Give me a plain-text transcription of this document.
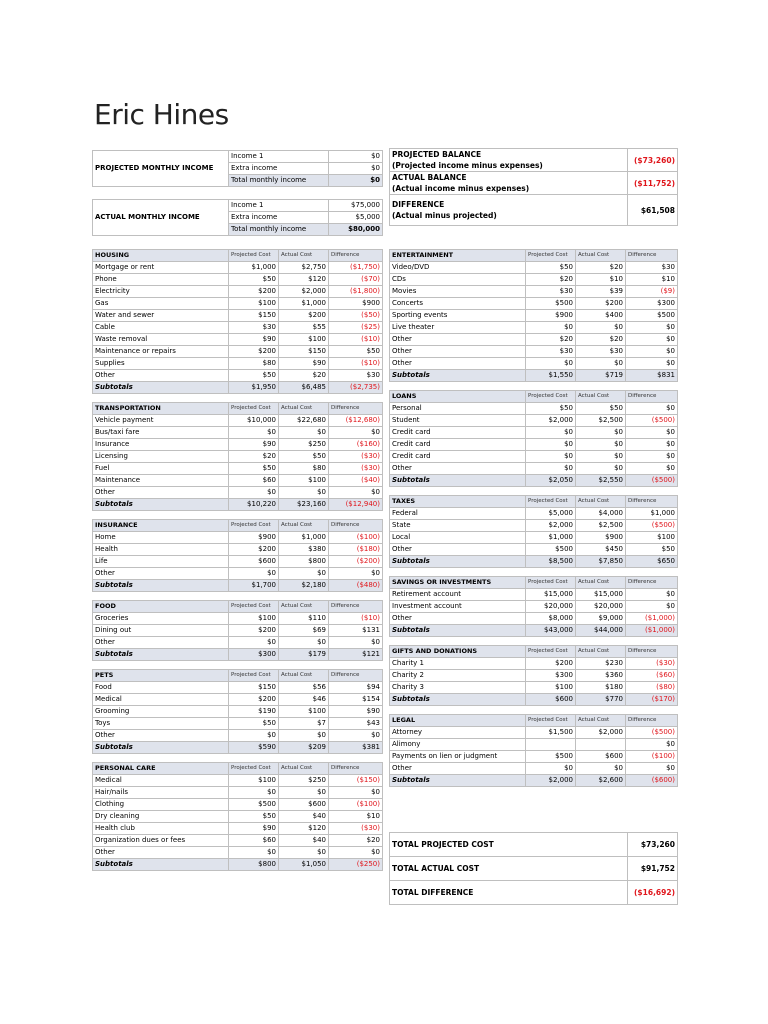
Eric Hines
PROJECTED MONTHLY INCOME	Income 1	$0
	Extra income	$0
	Total monthly income	$0
ACTUAL MONTHLY INCOME	Income 1	$75,000
	Extra income	$5,000
	Total monthly income	$80,000
PROJECTED BALANCE
(Projected income minus expenses)	($73,260)

ACTUAL BALANCE
(Actual income minus expenses)	($11,752)

DIFFERENCE
(Actual minus projected)	$61,508
HOUSING	Projected Cost	Actual Cost	Difference
Mortgage or rent	$1,000	$2,750	($1,750)
Phone	$50	$120	($70)
Electricity	$200	$2,000	($1,800)
Gas	$100	$1,000	$900
Water and sewer	$150	$200	($50)
Cable	$30	$55	($25)
Waste removal	$90	$100	($10)
Maintenance or repairs	$200	$150	$50
Supplies	$80	$90	($10)
Other	$50	$20	$30
Subtotals	$1,950	$6,485	($2,735)
TRANSPORTATION	Projected Cost	Actual Cost	Difference
Vehicle payment	$10,000	$22,680	($12,680)
Bus/taxi fare	$0	$0	$0
Insurance	$90	$250	($160)
Licensing	$20	$50	($30)
Fuel	$50	$80	($30)
Maintenance	$60	$100	($40)
Other	$0	$0	$0
Subtotals	$10,220	$23,160	($12,940)
INSURANCE	Projected Cost	Actual Cost	Difference
Home	$900	$1,000	($100)
Health	$200	$380	($180)
Life	$600	$800	($200)
Other	$0	$0	$0
Subtotals	$1,700	$2,180	($480)
FOOD	Projected Cost	Actual Cost	Difference
Groceries	$100	$110	($10)
Dining out	$200	$69	$131
Other	$0	$0	$0
Subtotals	$300	$179	$121
PETS	Projected Cost	Actual Cost	Difference
Food	$150	$56	$94
Medical	$200	$46	$154
Grooming	$190	$100	$90
Toys	$50	$7	$43
Other	$0	$0	$0
Subtotals	$590	$209	$381
PERSONAL CARE	Projected Cost	Actual Cost	Difference
Medical	$100	$250	($150)
Hair/nails	$0	$0	$0
Clothing	$500	$600	($100)
Dry cleaning	$50	$40	$10
Health club	$90	$120	($30)
Organization dues or fees	$60	$40	$20
Other	$0	$0	$0
Subtotals	$800	$1,050	($250)
ENTERTAINMENT	Projected Cost	Actual Cost	Difference
Video/DVD	$50	$20	$30
CDs	$20	$10	$10
Movies	$30	$39	($9)
Concerts	$500	$200	$300
Sporting events	$900	$400	$500
Live theater	$0	$0	$0
Other	$20	$20	$0
Other	$30	$30	$0
Other	$0	$0	$0
Subtotals	$1,550	$719	$831
LOANS	Projected Cost	Actual Cost	Difference
Personal	$50	$50	$0
Student	$2,000	$2,500	($500)
Credit card	$0	$0	$0
Credit card	$0	$0	$0
Credit card	$0	$0	$0
Other	$0	$0	$0
Subtotals	$2,050	$2,550	($500)
TAXES	Projected Cost	Actual Cost	Difference
Federal	$5,000	$4,000	$1,000
State	$2,000	$2,500	($500)
Local	$1,000	$900	$100
Other	$500	$450	$50
Subtotals	$8,500	$7,850	$650
SAVINGS OR INVESTMENTS	Projected Cost	Actual Cost	Difference
Retirement account	$15,000	$15,000	$0
Investment account	$20,000	$20,000	$0
Other	$8,000	$9,000	($1,000)
Subtotals	$43,000	$44,000	($1,000)
GIFTS AND DONATIONS	Projected Cost	Actual Cost	Difference
Charity 1	$200	$230	($30)
Charity 2	$300	$360	($60)
Charity 3	$100	$180	($80)
Subtotals	$600	$770	($170)
LEGAL	Projected Cost	Actual Cost	Difference
Attorney	$1,500	$2,000	($500)
Alimony			$0
Payments on lien or judgment	$500	$600	($100)
Other	$0	$0	$0
Subtotals	$2,000	$2,600	($600)
TOTAL PROJECTED COST	$73,260
TOTAL ACTUAL COST	$91,752
TOTAL DIFFERENCE	($16,692)
